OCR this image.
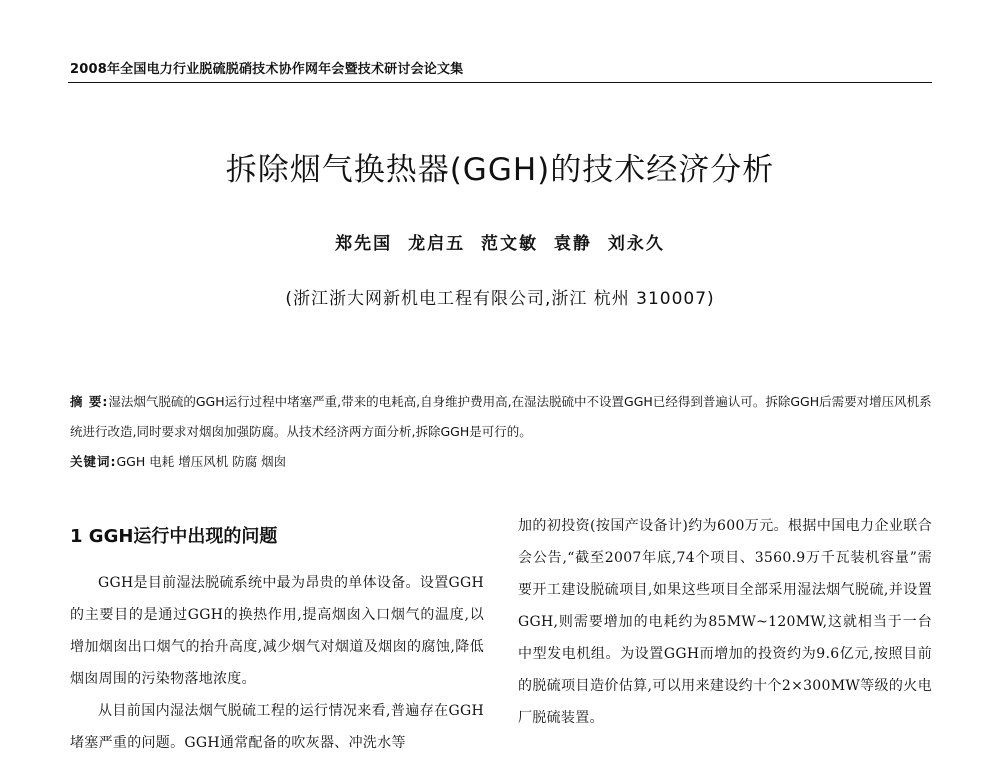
2008年全国电力行业脱硫脱硝技术协作网年会暨技术研讨会论文集
拆除烟气换热器(GGH)的技术经济分析
郑先国 龙启五 范文敏 袁静 刘永久
(浙江浙大网新机电工程有限公司,浙江 杭州 310007)

摘 要:湿法烟气脱硫的GGH运行过程中堵塞严重,带来的电耗高,自身维护费用高,在湿法脱硫中不设置GGH已经得到普遍认可。拆除GGH后需要对增压风机系统进行改造,同时要求对烟囱加强防腐。从技术经济两方面分析,拆除GGH是可行的。

关键词:GGH 电耗 增压风机 防腐 烟囱

1 GGH运行中出现的问题

GGH是目前湿法脱硫系统中最为昂贵的单体设备。设置GGH的主要目的是通过GGH的换热作用,提高烟囱入口烟气的温度,以增加烟囱出口烟气的抬升高度,减少烟气对烟道及烟囱的腐蚀,降低烟囱周围的污染物落地浓度。

从目前国内湿法烟气脱硫工程的运行情况来看,普遍存在GGH堵塞严重的问题。GGH通常配备的吹灰器、冲洗水等

加的初投资(按国产设备计)约为600万元。根据中国电力企业联合会公告,“截至2007年底,74个项目、3560.9万千瓦装机容量”需要开工建设脱硫项目,如果这些项目全部采用湿法烟气脱硫,并设置GGH,则需要增加的电耗约为85MW~120MW,这就相当于一台中型发电机组。为设置GGH而增加的投资约为9.6亿元,按照目前的脱硫项目造价估算,可以用来建设约十个2×300MW等级的火电厂脱硫装置。
